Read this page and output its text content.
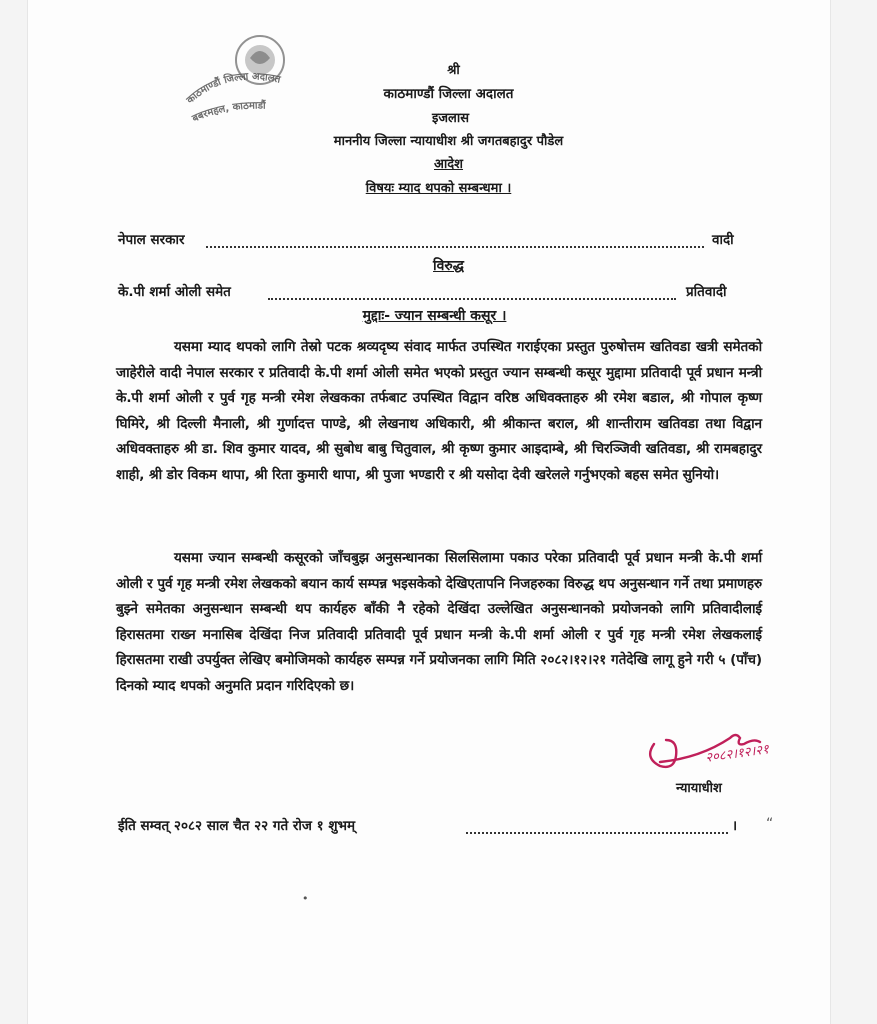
काठमाण्डौं जिल्ला अदालत
बबरमहल, काठमाडौं
श्री
काठमाण्डौं जिल्ला अदालत
इजलास
माननीय जिल्ला न्यायाधीश श्री जगतबहादुर पौडेल
आदेश
विषयः म्याद थपको सम्बन्धमा ।
नेपाल सरकार	वादी
विरुद्ध
के.पी शर्मा ओली समेत	प्रतिवादी
मुद्दाः- ज्यान सम्बन्धी कसूर ।
यसमा म्याद थपको लागि तेस्रो पटक श्रव्यदृष्य संवाद मार्फत उपस्थित गराईएका प्रस्तुत पुरुषोत्तम खतिवडा खत्री समेतको जाहेरीले वादी नेपाल सरकार र प्रतिवादी के.पी शर्मा ओली समेत भएको प्रस्तुत ज्यान सम्बन्धी कसूर मुद्दामा प्रतिवादी पूर्व प्रधान मन्त्री के.पी शर्मा ओली र पुर्व गृह मन्त्री रमेश लेखकका तर्फबाट उपस्थित विद्वान वरिष्ठ अधिवक्ताहरु श्री रमेश बडाल, श्री गोपाल कृष्ण घिमिरे, श्री दिल्ली मैनाली, श्री गुर्णादत्त पाण्डे, श्री लेखनाथ अधिकारी, श्री श्रीकान्त बराल, श्री शान्तीराम खतिवडा तथा विद्वान अधिवक्ताहरु श्री डा. शिव कुमार यादव, श्री सुबोध बाबु चितुवाल, श्री कृष्ण कुमार आइदाम्बे, श्री चिरञ्जिवी खतिवडा, श्री रामबहादुर शाही, श्री डोर विकम थापा, श्री रिता कुमारी थापा, श्री पुजा भण्डारी र श्री यसोदा देवी खरेलले गर्नुभएको बहस समेत सुनियो।
यसमा ज्यान सम्बन्धी कसूरको जाँचबुझ अनुसन्धानका सिलसिलामा पकाउ परेका प्रतिवादी पूर्व प्रधान मन्त्री के.पी शर्मा ओली र पुर्व गृह मन्त्री रमेश लेखकको बयान कार्य सम्पन्न भइसकेको देखिएतापनि निजहरुका विरुद्ध थप अनुसन्धान गर्ने तथा प्रमाणहरु बुझ्ने समेतका अनुसन्धान सम्बन्धी थप कार्यहरु बाँकी नै रहेको देखिंदा उल्लेखित अनुसन्धानको प्रयोजनको लागि प्रतिवादीलाई हिरासतमा राख्न मनासिब देखिंदा निज प्रतिवादी प्रतिवादी पूर्व प्रधान मन्त्री के.पी शर्मा ओली र पुर्व गृह मन्त्री रमेश लेखकलाई हिरासतमा राखी उपर्युक्त लेखिए बमोजिमको कार्यहरु सम्पन्न गर्ने प्रयोजनका लागि मिति २०८२।१२।२१ गतेदेखि लागू हुने गरी ५ (पाँच) दिनको म्याद थपको अनुमति प्रदान गरिदिएको छ।
२०८२।१२।२१
न्यायाधीश
ईति सम्वत् २०८२ साल चैत २२ गते रोज १ शुभम्	। “
•
